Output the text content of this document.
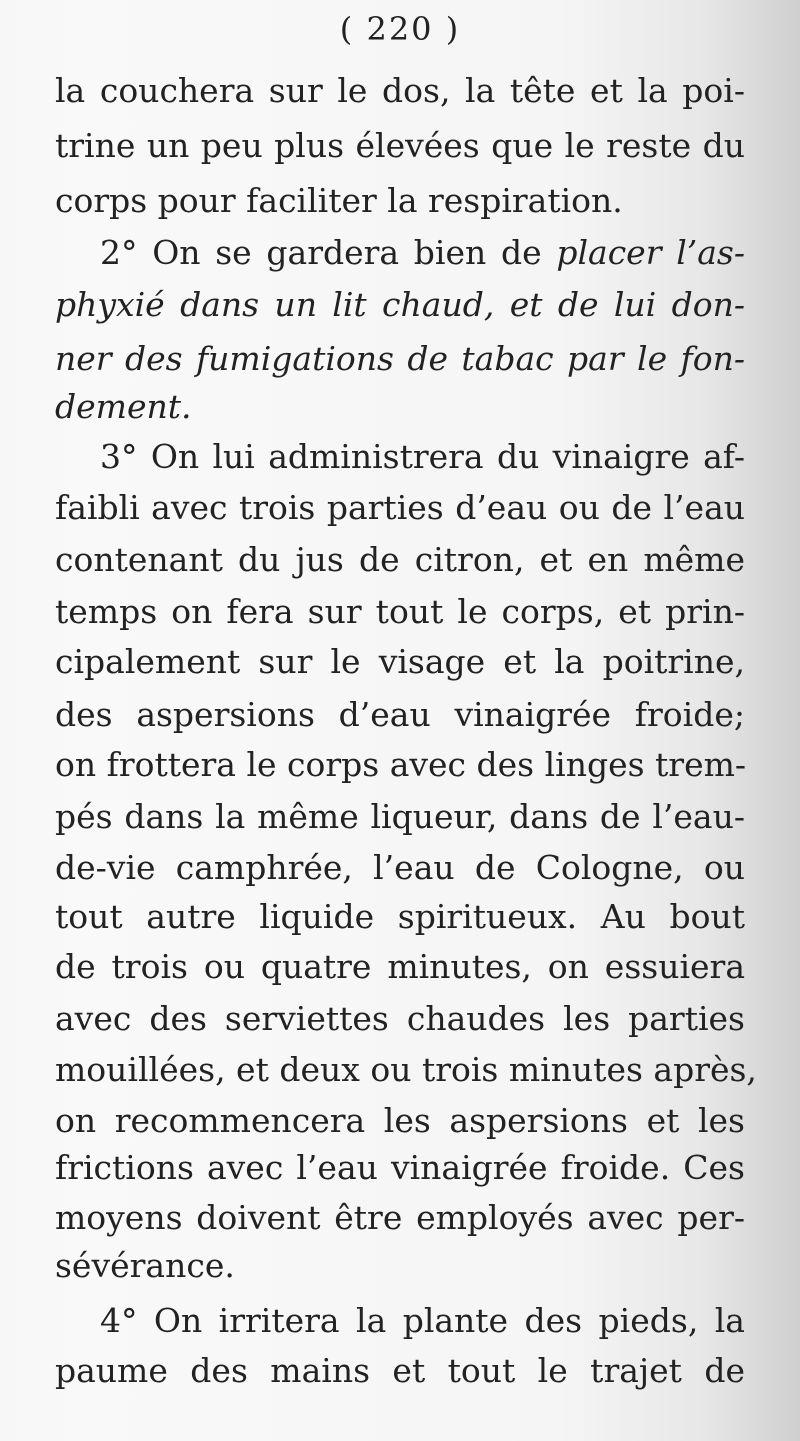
( 220 )
la couchera sur le dos, la tête et la poi-
trine un peu plus élevées que le reste du
corps pour faciliter la respiration.
2° On se gardera bien de placer l’as-
phyxié dans un lit chaud, et de lui don-
ner des fumigations de tabac par le fon-
dement.
3° On lui administrera du vinaigre af-
faibli avec trois parties d’eau ou de l’eau
contenant du jus de citron, et en même
temps on fera sur tout le corps, et prin-
cipalement sur le visage et la poitrine,
des aspersions d’eau vinaigrée froide;
on frottera le corps avec des linges trem-
pés dans la même liqueur, dans de l’eau-
de-vie camphrée, l’eau de Cologne, ou
tout autre liquide spiritueux. Au bout
de trois ou quatre minutes, on essuiera
avec des serviettes chaudes les parties
mouillées, et deux ou trois minutes après,
on recommencera les aspersions et les
frictions avec l’eau vinaigrée froide. Ces
moyens doivent être employés avec per-
sévérance.
4° On irritera la plante des pieds, la
paume des mains et tout le trajet de
